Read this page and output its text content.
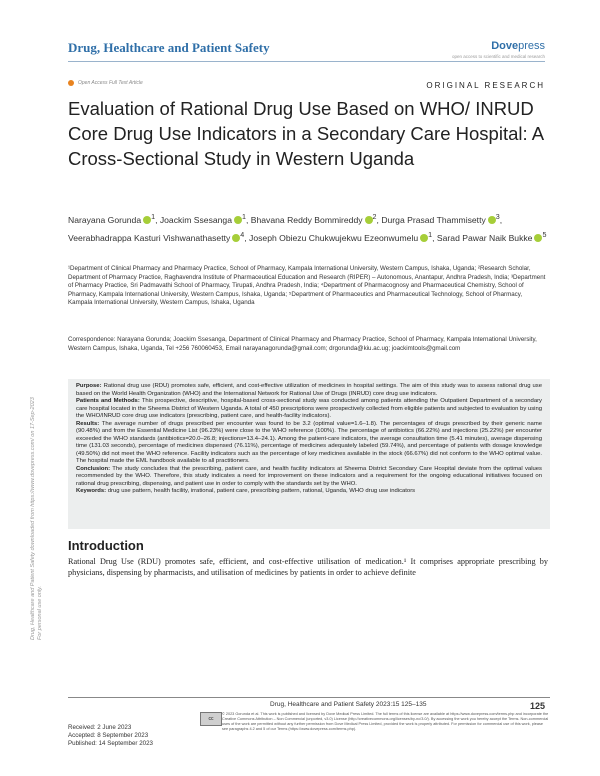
Drug, Healthcare and Patient Safety	Dovepress
open access to scientific and medical research
Open Access Full Text Article	ORIGINAL RESEARCH
Evaluation of Rational Drug Use Based on WHO/ INRUD Core Drug Use Indicators in a Secondary Care Hospital: A Cross-Sectional Study in Western Uganda
Narayana Gorunda $^1$, Joackim Ssesanga $^1$, Bhavana Reddy Bommireddy $^2$, Durga Prasad Thammisetty $^3$, Veerabhadrappa Kasturi Vishwanathasetty $^4$, Joseph Obiezu Chukwujekwu Ezeonwumelu $^1$, Sarad Pawar Naik Bukke $^5$
¹Department of Clinical Pharmacy and Pharmacy Practice, School of Pharmacy, Kampala International University, Western Campus, Ishaka, Uganda; ²Research Scholar, Department of Pharmacy Practice, Raghavendra Institute of Pharmaceutical Education and Research (RIPER) – Autonomous, Anantapur, Andhra Pradesh, India; ³Department of Pharmacy Practice, Sri Padmavathi School of Pharmacy, Tirupati, Andhra Pradesh, India; ⁴Department of Pharmacognosy and Pharmaceutical Chemistry, School of Pharmacy, Kampala International University, Western Campus, Ishaka, Uganda; ⁵Department of Pharmaceutics and Pharmaceutical Technology, School of Pharmacy, Kampala International University, Western Campus, Ishaka, Uganda
Correspondence: Narayana Gorunda; Joackim Ssesanga, Department of Clinical Pharmacy and Pharmacy Practice, School of Pharmacy, Kampala International University, Western Campus, Ishaka, Uganda, Tel +256 760060453, Email narayanagorunda@gmail.com; drgorunda@kiu.ac.ug; joackimtools@gmail.com
Purpose: Rational drug use (RDU) promotes safe, efficient, and cost-effective utilization of medicines in hospital settings. The aim of this study was to assess rational drug use based on the World Health Organization (WHO) and the International Network for Rational Use of Drugs (INRUD) core drug use indicators.
Patients and Methods: This prospective, descriptive, hospital-based cross-sectional study was conducted among patients attending the Outpatient Department of a secondary care hospital located in the Sheema District of Western Uganda. A total of 450 prescriptions were prospectively collected from eligible patients and subjected to evaluation by using the WHO/INRUD core drug use indicators (prescribing, patient care, and health-facility indicators).
Results: The average number of drugs prescribed per encounter was found to be 3.2 (optimal value=1.6–1.8). The percentages of drugs prescribed by their generic name (90.48%) and from the Essential Medicine List (96.23%) were close to the WHO reference (100%). The percentage of antibiotics (66.22%) and injections (25.22%) per encounter exceeded the WHO standards (antibiotics=20.0–26.8; injections=13.4–24.1). Among the patient-care indicators, the average consultation time (5.41 minutes), average dispensing time (131.03 seconds), percentage of medicines dispensed (76.11%), percentage of medicines adequately labeled (59.74%), and percentage of patients with dosage knowledge (49.50%) did not meet the WHO reference. Facility indicators such as the percentage of key medicines available in the stock (66.67%) did not conform to the WHO optimal value. The hospital made the EML handbook available to all practitioners.
Conclusion: The study concludes that the prescribing, patient care, and health facility indicators at Sheema District Secondary Care Hospital deviate from the optimal values recommended by the WHO. Therefore, this study indicates a need for improvement on these indicators and a requirement for the ongoing educational initiatives focused on rational drug prescribing, dispensing, and patient use in order to comply with the standards set by the WHO.
Keywords: drug use pattern, health facility, irrational, patient care, prescribing pattern, rational, Uganda, WHO drug use indicators
Introduction
Rational Drug Use (RDU) promotes safe, efficient, and cost-effective utilisation of medication.¹ It comprises appropriate prescribing by physicians, dispensing by pharmacists, and utilisation of medicines by patients in order to achieve definite
Received: 2 June 2023
Accepted: 8 September 2023
Published: 14 September 2023
Drug, Healthcare and Patient Safety 2023:15 125–135	125
cc
© 2023 Gorunda et al. This work is published and licensed by Dove Medical Press Limited. The full terms of this license are available at https://www.dovepress.com/terms.php and incorporate the Creative Commons Attribution – Non Commercial (unported, v3.0) License (http://creativecommons.org/licenses/by-nc/3.0/). By accessing the work you hereby accept the Terms. Non-commercial uses of the work are permitted without any further permission from Dove Medical Press Limited, provided the work is properly attributed. For permission for commercial use of this work, please see paragraphs 4.2 and 5 of our Terms (https://www.dovepress.com/terms.php).
Drug, Healthcare and Patient Safety downloaded from https://www.dovepress.com/ on 17-Sep-2023 For personal use only.
